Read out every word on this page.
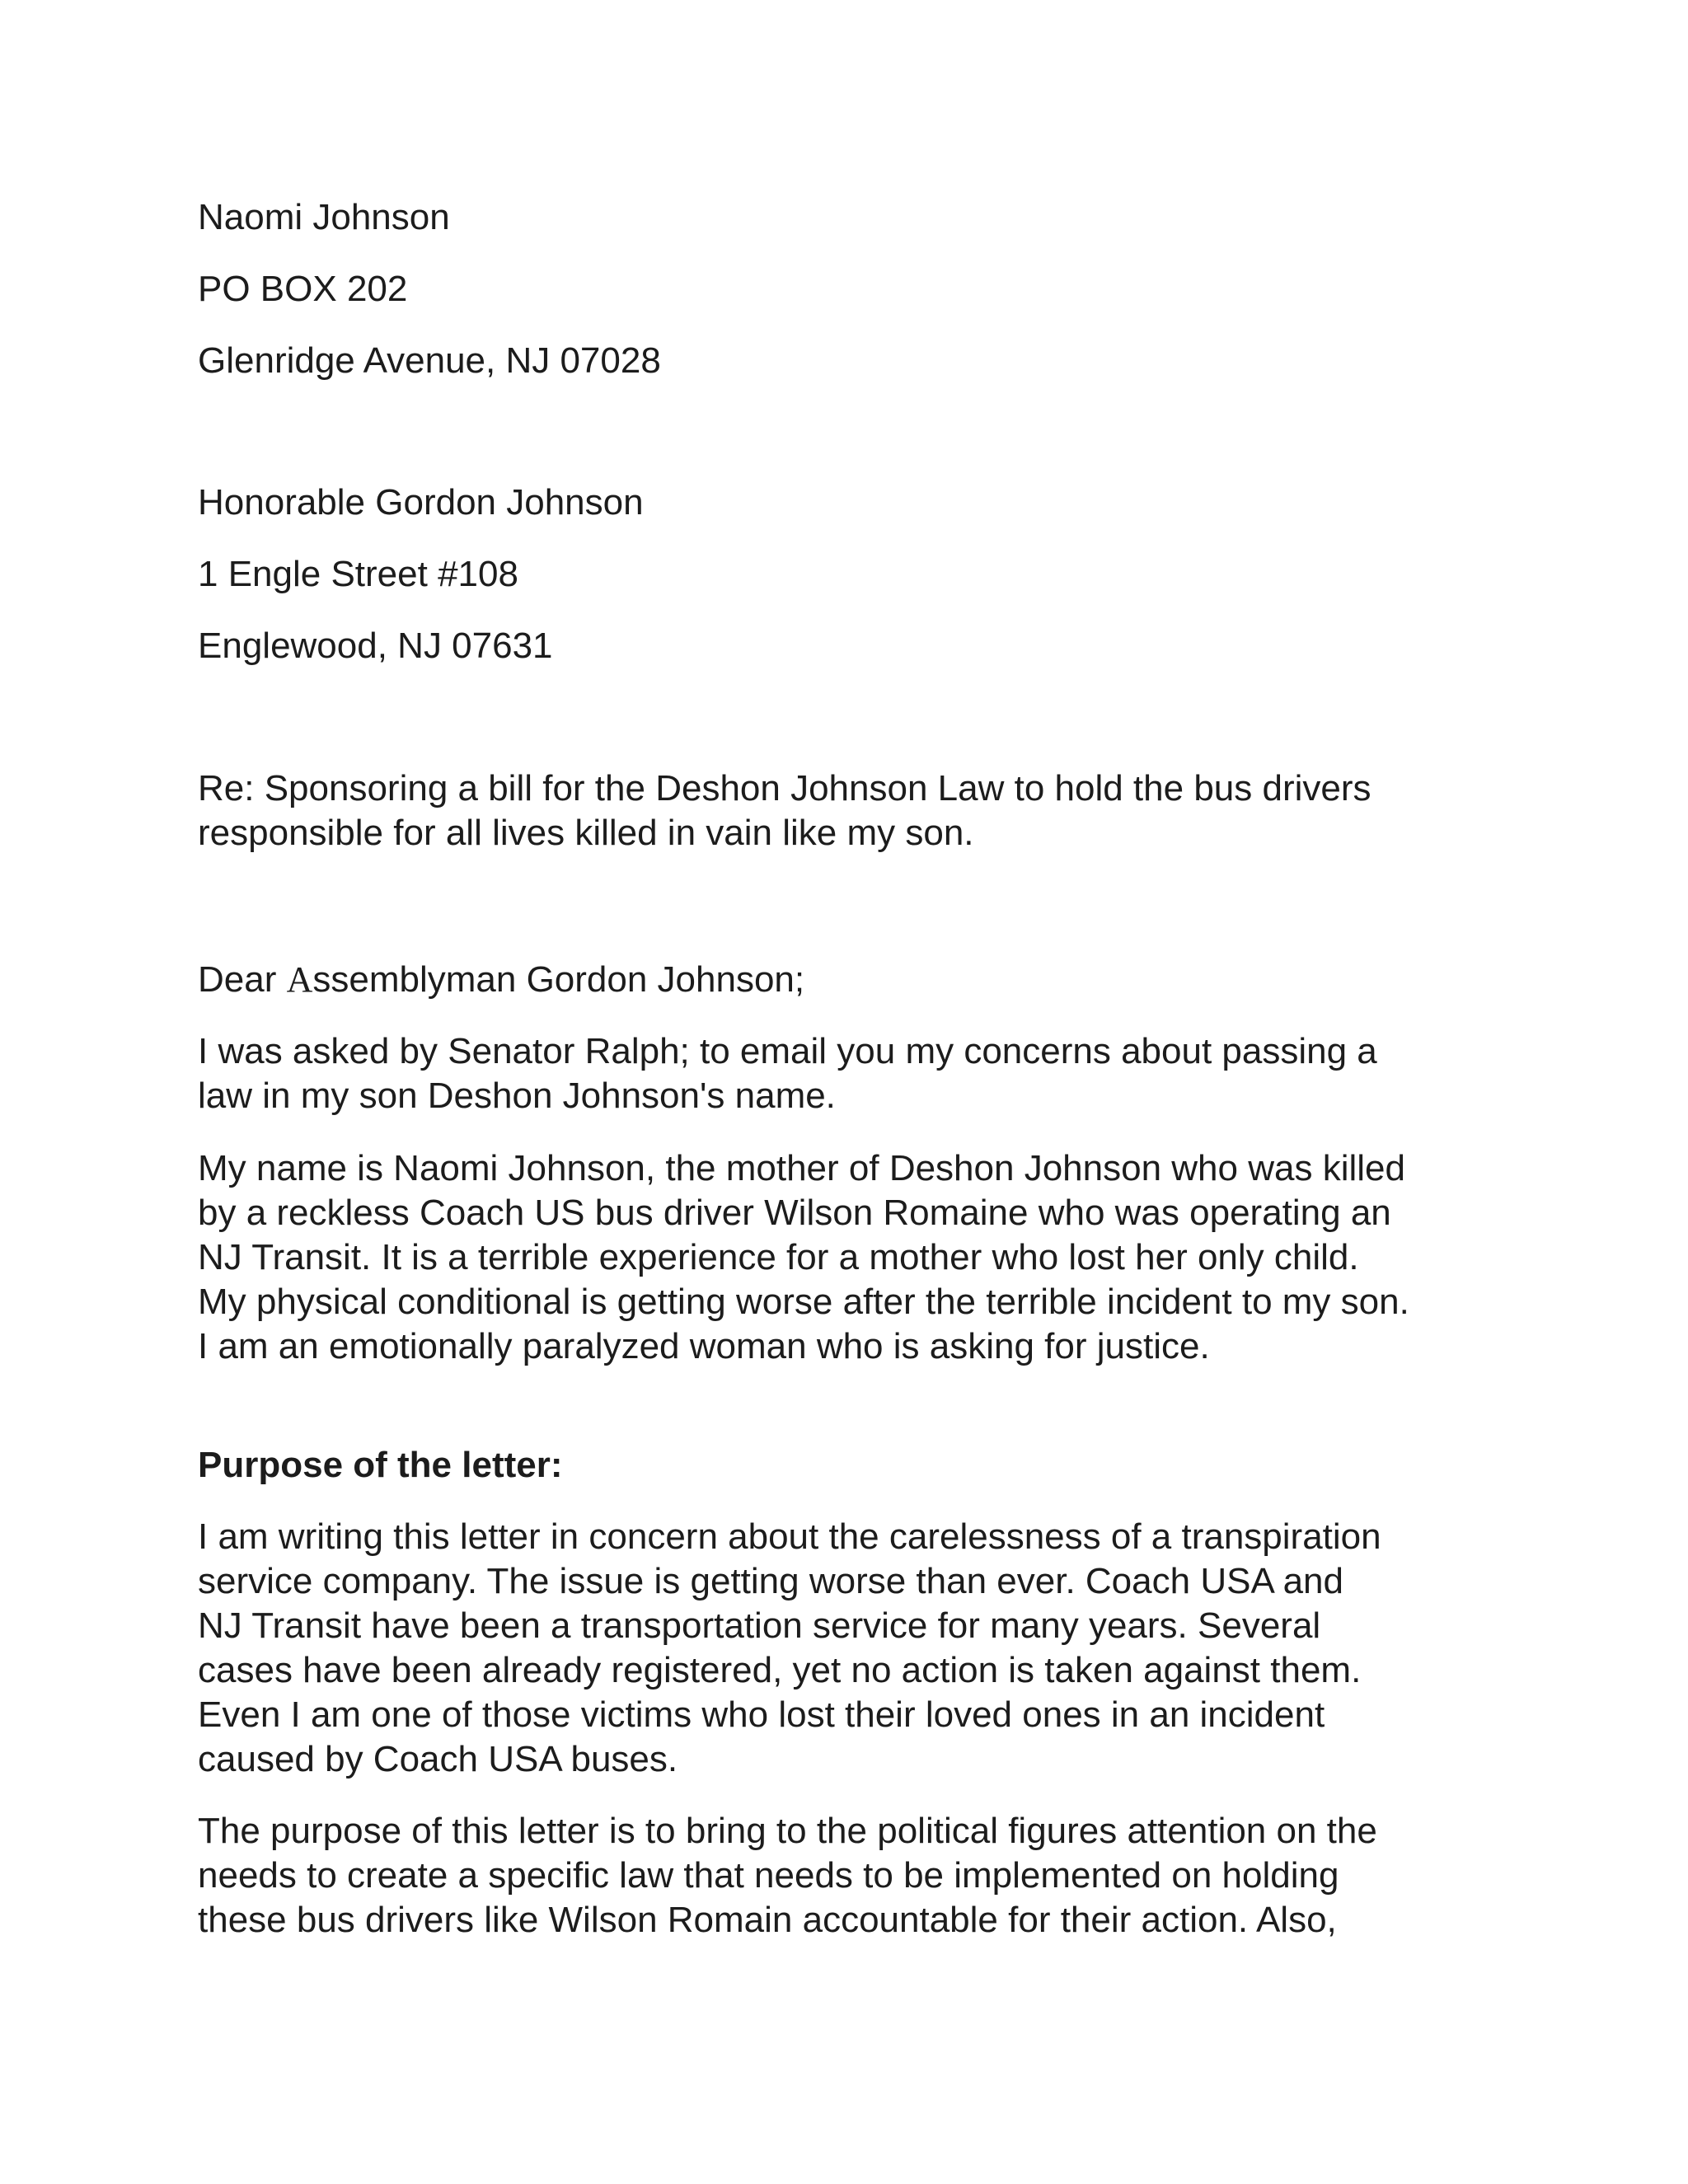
Naomi Johnson

PO BOX 202

Glenridge Avenue, NJ 07028

Honorable Gordon Johnson

1 Engle Street #108

Englewood, NJ 07631

Re: Sponsoring a bill for the Deshon Johnson Law to hold the bus drivers
responsible for all lives killed in vain like my son.

Dear Assemblyman Gordon Johnson;

I was asked by Senator Ralph; to email you my concerns about passing a
law in my son Deshon Johnson's name.
My name is Naomi Johnson, the mother of Deshon Johnson who was killed
by a reckless Coach US bus driver Wilson Romaine who was operating an
NJ Transit. It is a terrible experience for a mother who lost her only child.
My physical conditional is getting worse after the terrible incident to my son.
I am an emotionally paralyzed woman who is asking for justice.

Purpose of the letter:

I am writing this letter in concern about the carelessness of a transpiration
service company. The issue is getting worse than ever. Coach USA and
NJ Transit have been a transportation service for many years. Several
cases have been already registered, yet no action is taken against them.
Even I am one of those victims who lost their loved ones in an incident
caused by Coach USA buses.
The purpose of this letter is to bring to the political figures attention on the
needs to create a specific law that needs to be implemented on holding
these bus drivers like Wilson Romain accountable for their action. Also,
